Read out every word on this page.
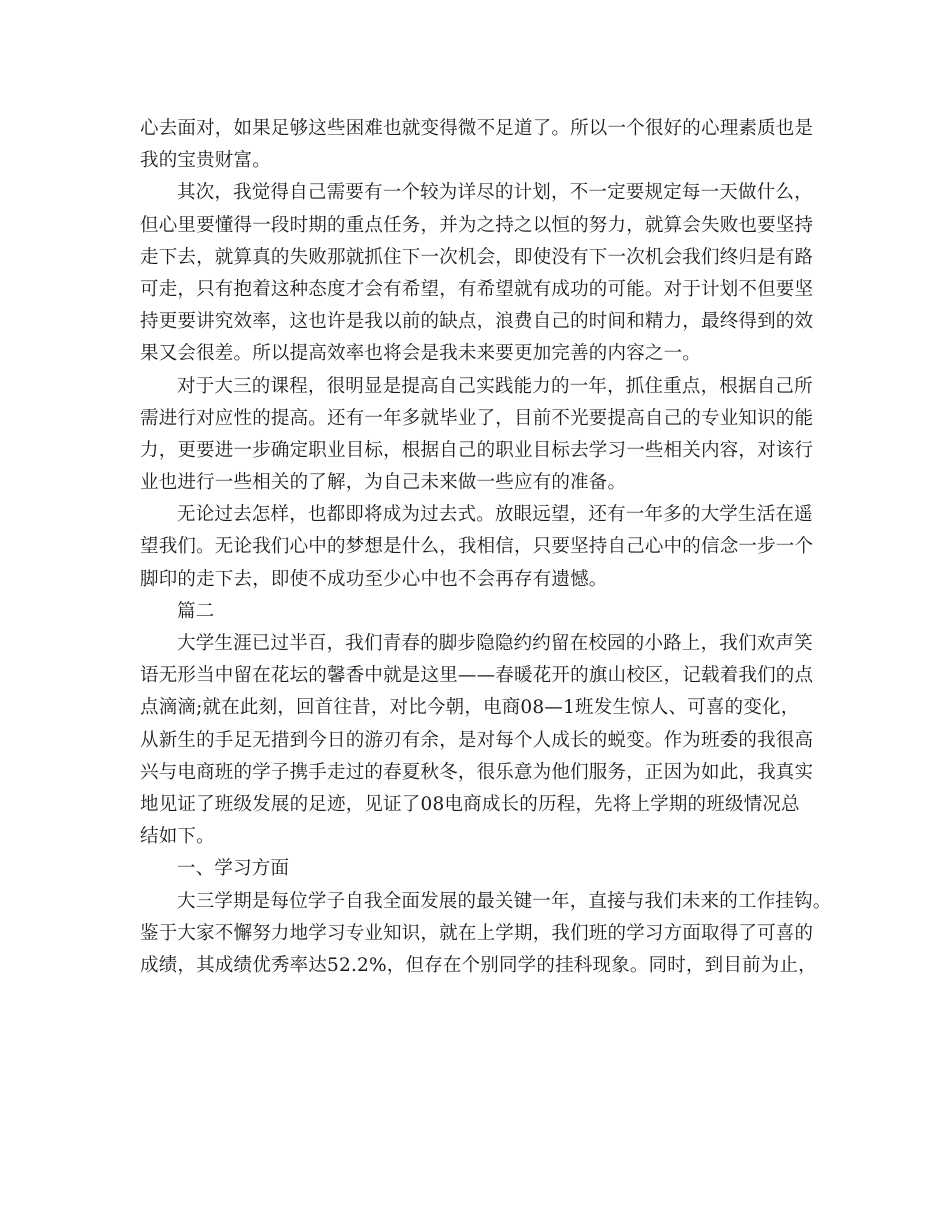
心去面对，如果足够这些困难也就变得微不足道了。所以一个很好的心理素质也是
我的宝贵财富。
其次，我觉得自己需要有一个较为详尽的计划，不一定要规定每一天做什么，
但心里要懂得一段时期的重点任务，并为之持之以恒的努力，就算会失败也要坚持
走下去，就算真的失败那就抓住下一次机会，即使没有下一次机会我们终归是有路
可走，只有抱着这种态度才会有希望，有希望就有成功的可能。对于计划不但要坚
持更要讲究效率，这也许是我以前的缺点，浪费自己的时间和精力，最终得到的效
果又会很差。所以提高效率也将会是我未来要更加完善的内容之一。
对于大三的课程，很明显是提高自己实践能力的一年，抓住重点，根据自己所
需进行对应性的提高。还有一年多就毕业了，目前不光要提高自己的专业知识的能
力，更要进一步确定职业目标，根据自己的职业目标去学习一些相关内容，对该行
业也进行一些相关的了解，为自己未来做一些应有的准备。
无论过去怎样，也都即将成为过去式。放眼远望，还有一年多的大学生活在遥
望我们。无论我们心中的梦想是什么，我相信，只要坚持自己心中的信念一步一个
脚印的走下去，即使不成功至少心中也不会再存有遗憾。
篇二
大学生涯已过半百，我们青春的脚步隐隐约约留在校园的小路上，我们欢声笑
语无形当中留在花坛的馨香中就是这里——春暖花开的旗山校区，记载着我们的点
点滴滴;就在此刻，回首往昔，对比今朝，电商08—1班发生惊人、可喜的变化，
从新生的手足无措到今日的游刃有余，是对每个人成长的蜕变。作为班委的我很高
兴与电商班的学子携手走过的春夏秋冬，很乐意为他们服务，正因为如此，我真实
地见证了班级发展的足迹，见证了08电商成长的历程，先将上学期的班级情况总
结如下。
一、学习方面
大三学期是每位学子自我全面发展的最关键一年，直接与我们未来的工作挂钩。
鉴于大家不懈努力地学习专业知识，就在上学期，我们班的学习方面取得了可喜的
成绩，其成绩优秀率达52.2%，但存在个别同学的挂科现象。同时，到目前为止，
